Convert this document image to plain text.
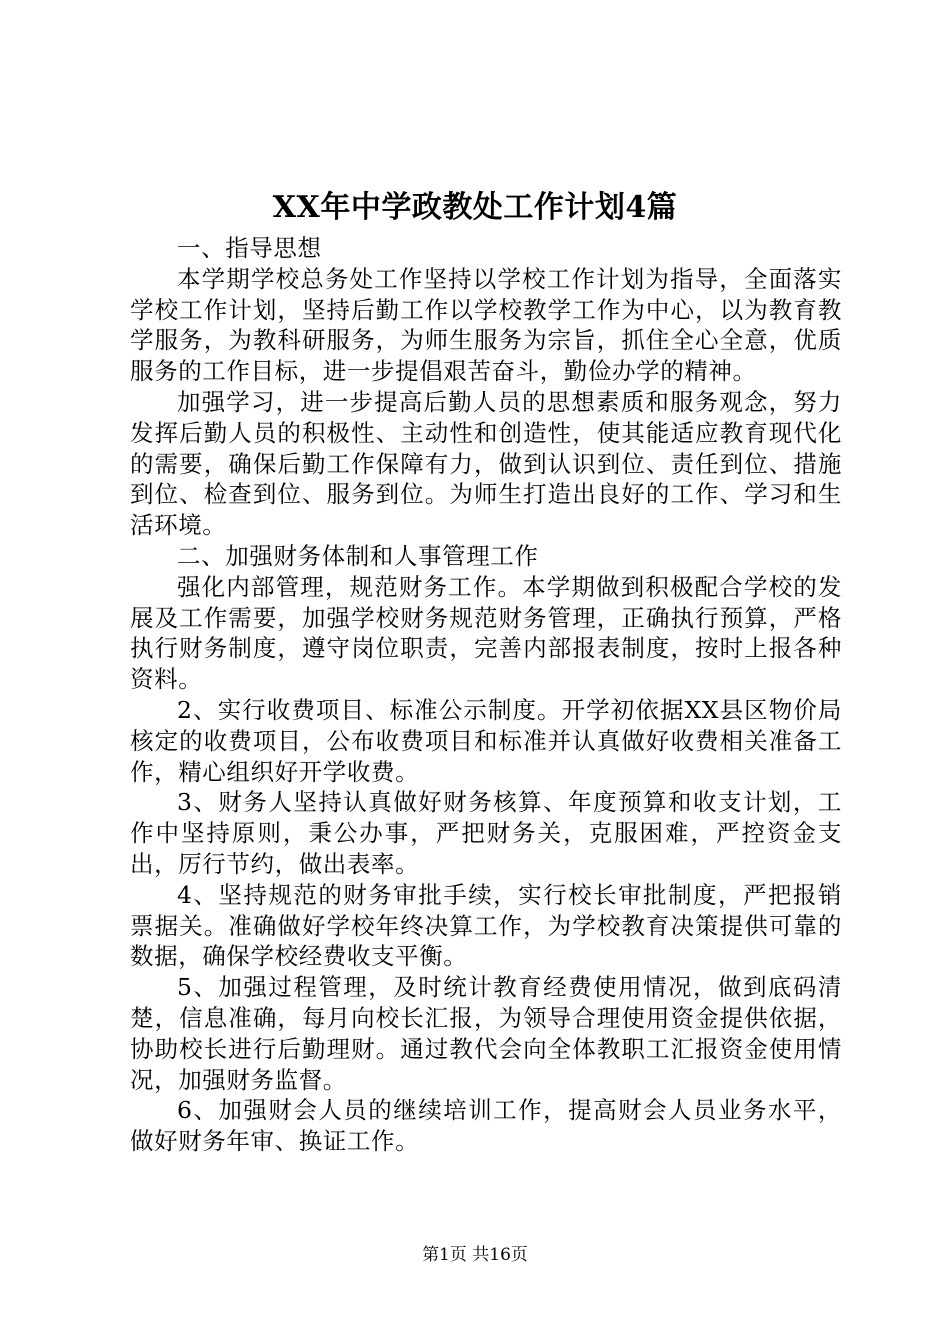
XX年中学政教处工作计划4篇

一、指导思想

本学期学校总务处工作坚持以学校工作计划为指导，全面落实学校工作计划，坚持后勤工作以学校教学工作为中心，以为教育教学服务，为教科研服务，为师生服务为宗旨，抓住全心全意，优质服务的工作目标，进一步提倡艰苦奋斗，勤俭办学的精神。

加强学习，进一步提高后勤人员的思想素质和服务观念，努力发挥后勤人员的积极性、主动性和创造性，使其能适应教育现代化的需要，确保后勤工作保障有力，做到认识到位、责任到位、措施到位、检查到位、服务到位。为师生打造出良好的工作、学习和生活环境。

二、加强财务体制和人事管理工作

强化内部管理，规范财务工作。本学期做到积极配合学校的发展及工作需要，加强学校财务规范财务管理，正确执行预算，严格执行财务制度，遵守岗位职责，完善内部报表制度，按时上报各种资料。

2、实行收费项目、标准公示制度。开学初依据XX县区物价局核定的收费项目，公布收费项目和标准并认真做好收费相关准备工作，精心组织好开学收费。

3、财务人坚持认真做好财务核算、年度预算和收支计划，工作中坚持原则，秉公办事，严把财务关，克服困难，严控资金支出，厉行节约，做出表率。

4、坚持规范的财务审批手续，实行校长审批制度，严把报销票据关。准确做好学校年终决算工作，为学校教育决策提供可靠的数据，确保学校经费收支平衡。

5、加强过程管理，及时统计教育经费使用情况，做到底码清楚，信息准确，每月向校长汇报，为领导合理使用资金提供依据，协助校长进行后勤理财。通过教代会向全体教职工汇报资金使用情况，加强财务监督。

6、加强财会人员的继续培训工作，提高财会人员业务水平，做好财务年审、换证工作。

第1页 共16页
